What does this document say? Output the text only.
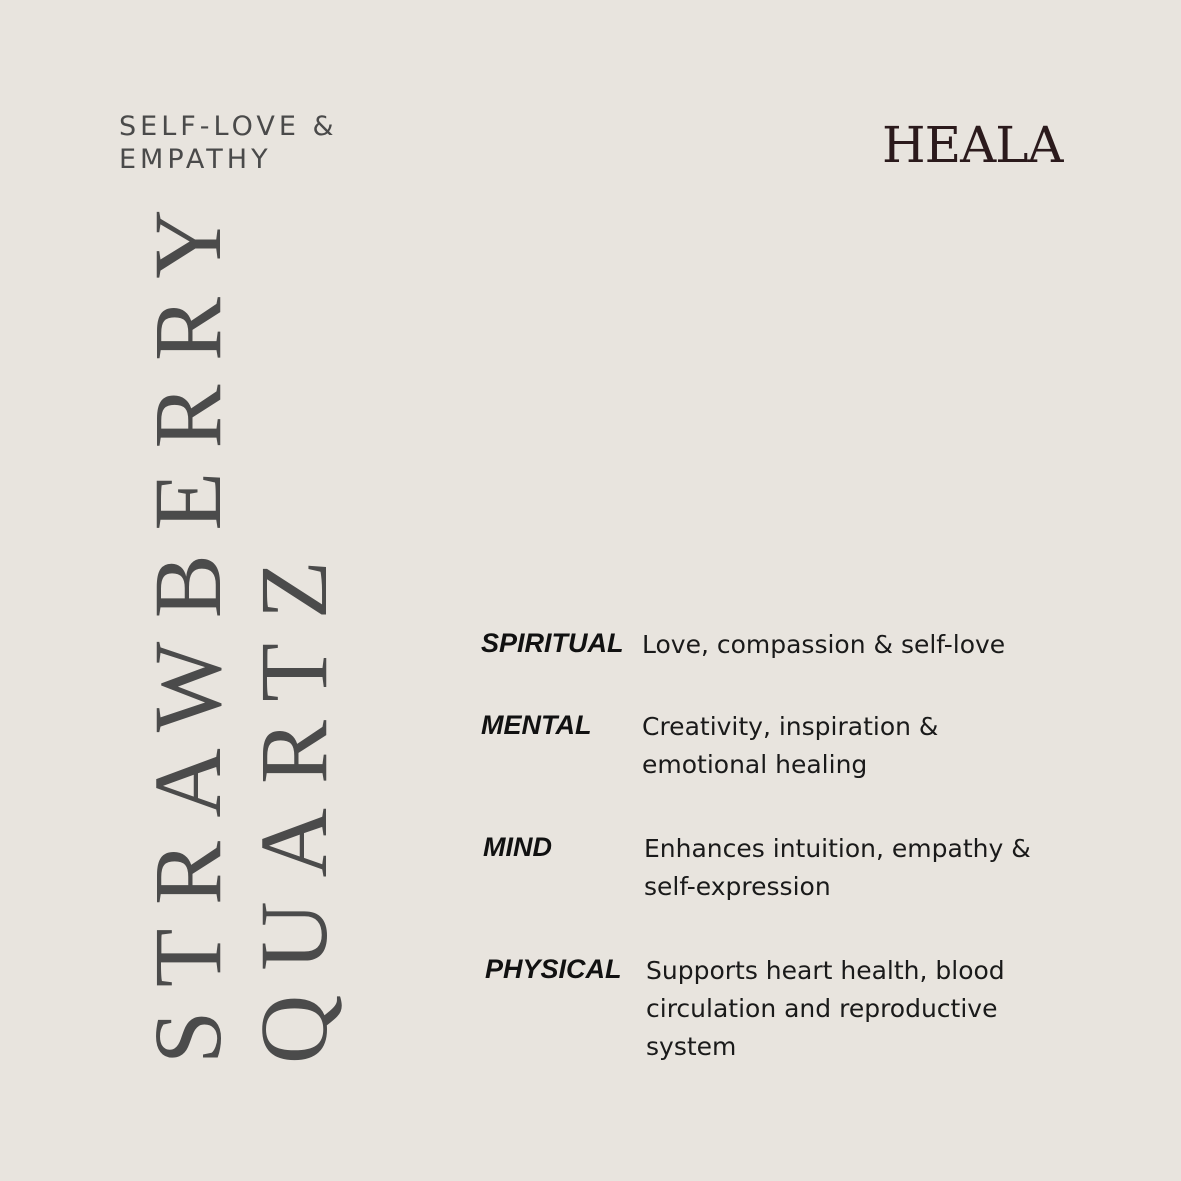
SELF-LOVE &
EMPATHY	HEALA
STRAWBERRY QUARTZ	SPIRITUAL Love, compassion & self-love
MENTAL Creativity, inspiration & emotional healing
MIND	Enhances intuition, empathy & self-expression
PHYSICAL Supports heart health, blood circulation and reproductive system
